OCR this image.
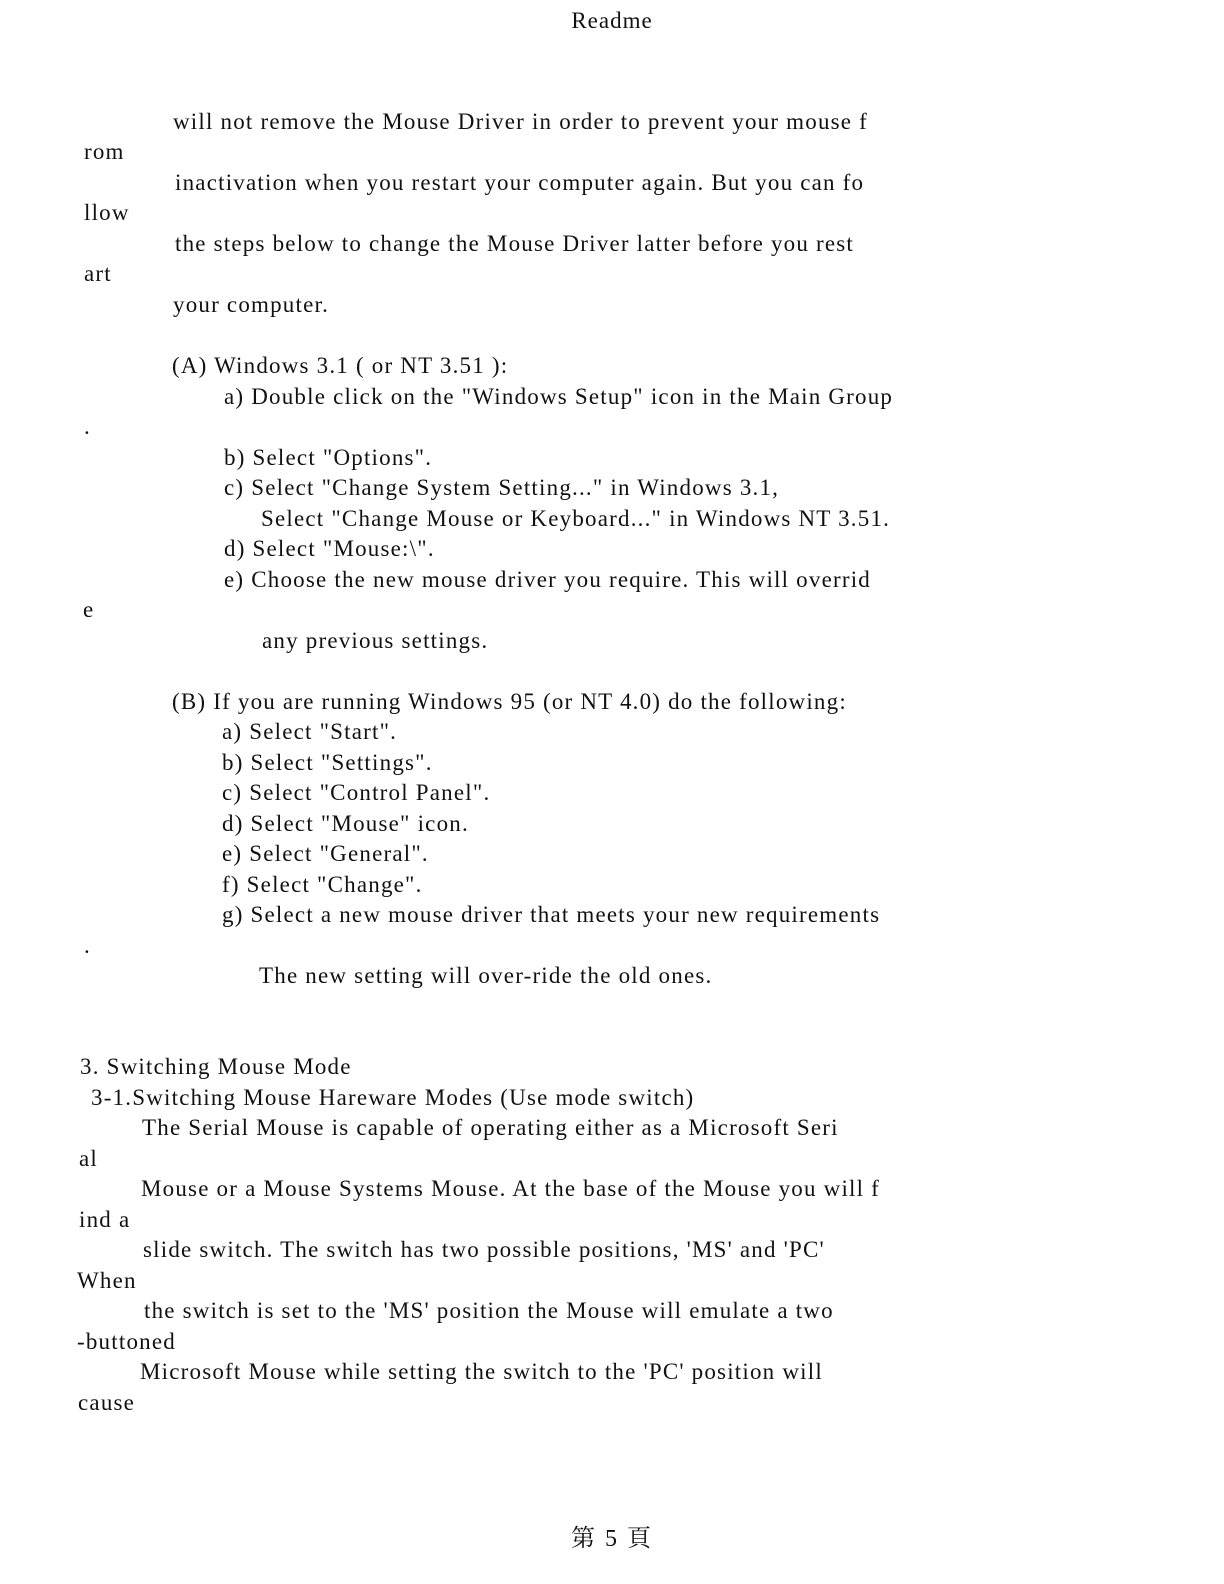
Readme
will not remove the Mouse Driver in order to prevent your mouse f
rom
inactivation when you restart your computer again. But you can fo
llow
the steps below to change the Mouse Driver latter before you rest
art
your computer.
(A) Windows 3.1 ( or NT 3.51 ):
a) Double click on the "Windows Setup" icon in the Main Group
.
b) Select "Options".
c) Select "Change System Setting..." in Windows 3.1,
Select "Change Mouse or Keyboard..." in Windows NT 3.51.
d) Select "Mouse:\".
e) Choose the new mouse driver you require. This will overrid
e
any previous settings.
(B) If you are running Windows 95 (or NT 4.0) do the following:
a) Select "Start".
b) Select "Settings".
c) Select "Control Panel".
d) Select "Mouse" icon.
e) Select "General".
f) Select "Change".
g) Select a new mouse driver that meets your new requirements
.
The new setting will over-ride the old ones.
3. Switching Mouse Mode
3-1.Switching Mouse Hareware Modes (Use mode switch)
The Serial Mouse is capable of operating either as a Microsoft Seri
al
Mouse or a Mouse Systems Mouse. At the base of the Mouse you will f
ind a
slide switch. The switch has two possible positions, 'MS' and 'PC'
When
the switch is set to the 'MS' position the Mouse will emulate a two
-buttoned
Microsoft Mouse while setting the switch to the 'PC' position will
cause
第 5 頁
